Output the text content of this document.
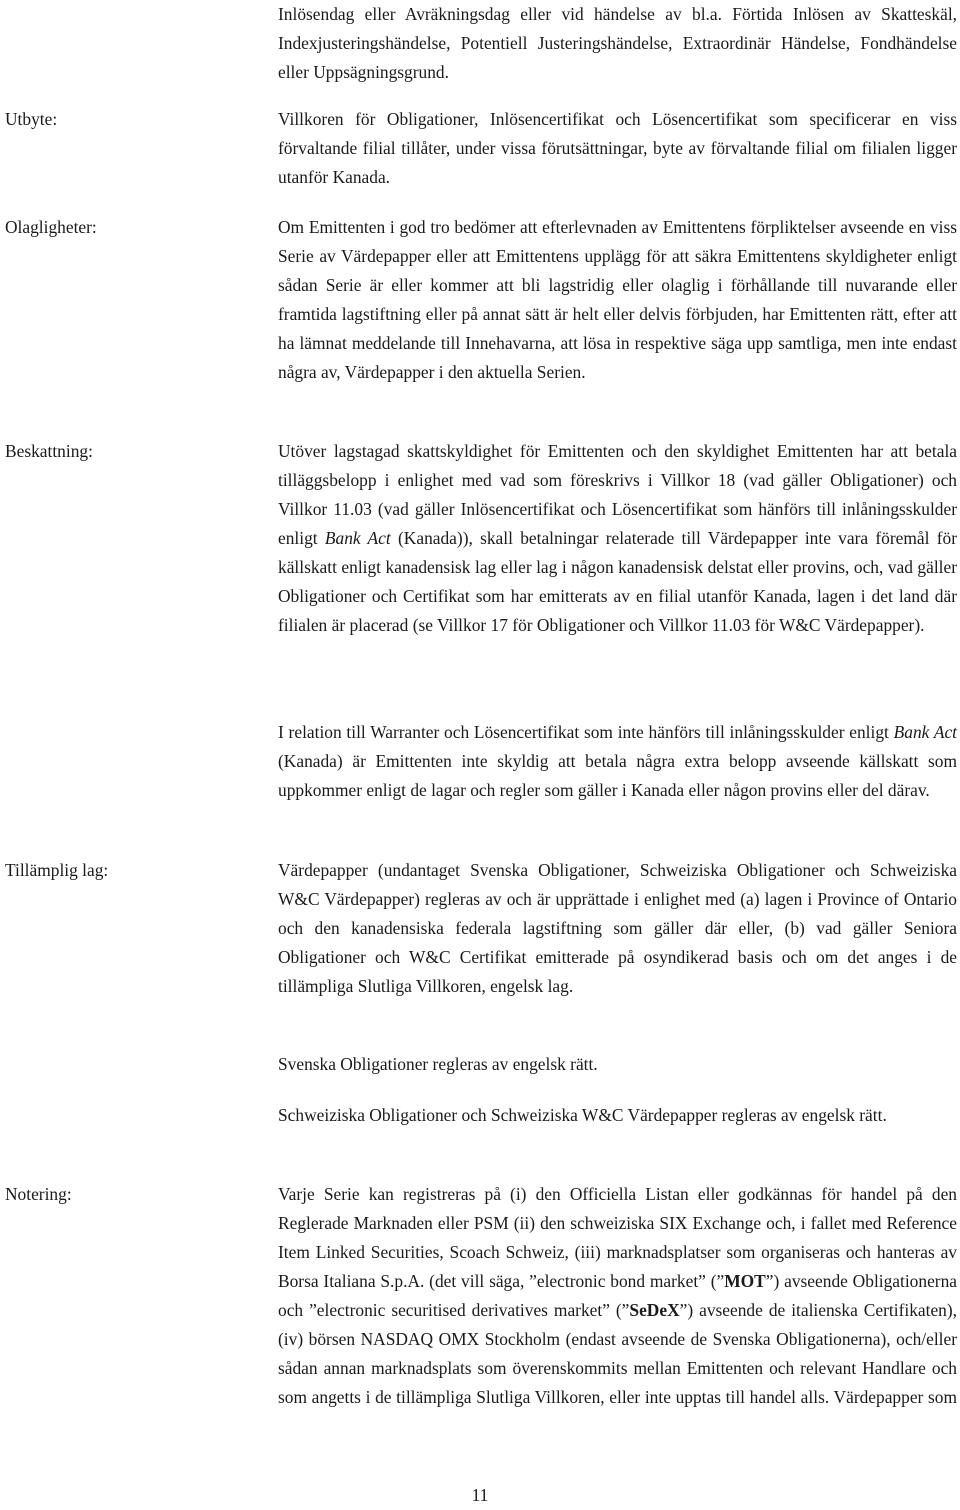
Inlösendag eller Avräkningsdag eller vid händelse av bl.a. Förtida Inlösen av Skatteskäl, Indexjusteringshändelse, Potentiell Justeringshändelse, Extraordinär Händelse, Fondhändelse eller Uppsägningsgrund.

Utbyte:	Villkoren för Obligationer, Inlösencertifikat och Lösencertifikat som specificerar en viss förvaltande filial tillåter, under vissa förutsättningar, byte av förvaltande filial om filialen ligger utanför Kanada.

Olagligheter:	Om Emittenten i god tro bedömer att efterlevnaden av Emittentens förpliktelser avseende en viss Serie av Värdepapper eller att Emittentens upplägg för att säkra Emittentens skyldigheter enligt sådan Serie är eller kommer att bli lagstridig eller olaglig i förhållande till nuvarande eller framtida lagstiftning eller på annat sätt är helt eller delvis förbjuden, har Emittenten rätt, efter att ha lämnat meddelande till Innehavarna, att lösa in respektive säga upp samtliga, men inte endast några av, Värdepapper i den aktuella Serien.

Beskattning:	Utöver lagstagad skattskyldighet för Emittenten och den skyldighet Emittenten har att betala tilläggsbelopp i enlighet med vad som föreskrivs i Villkor 18 (vad gäller Obligationer) och Villkor 11.03 (vad gäller Inlösencertifikat och Lösencertifikat som hänförs till inlåningsskulder enligt Bank Act (Kanada)), skall betalningar relaterade till Värdepapper inte vara föremål för källskatt enligt kanadensisk lag eller lag i någon kanadensisk delstat eller provins, och, vad gäller Obligationer och Certifikat som har emitterats av en filial utanför Kanada, lagen i det land där filialen är placerad (se Villkor 17 för Obligationer och Villkor 11.03 för W&C Värdepapper).

I relation till Warranter och Lösencertifikat som inte hänförs till inlåningsskulder enligt Bank Act (Kanada) är Emittenten inte skyldig att betala några extra belopp avseende källskatt som uppkommer enligt de lagar och regler som gäller i Kanada eller någon provins eller del därav.

Tillämplig lag:	Värdepapper (undantaget Svenska Obligationer, Schweiziska Obligationer och Schweiziska W&C Värdepapper) regleras av och är upprättade i enlighet med (a) lagen i Province of Ontario och den kanadensiska federala lagstiftning som gäller där eller, (b) vad gäller Seniora Obligationer och W&C Certifikat emitterade på osyndikerad basis och om det anges i de tillämpliga Slutliga Villkoren, engelsk lag.

Svenska Obligationer regleras av engelsk rätt.

Schweiziska Obligationer och Schweiziska W&C Värdepapper regleras av engelsk rätt.

Notering:	Varje Serie kan registreras på (i) den Officiella Listan eller godkännas för handel på den Reglerade Marknaden eller PSM (ii) den schweiziska SIX Exchange och, i fallet med Reference Item Linked Securities, Scoach Schweiz, (iii) marknadsplatser som organiseras och hanteras av Borsa Italiana S.p.A. (det vill säga, ”electronic bond market” (”MOT”) avseende Obligationerna och ”electronic securitised derivatives market” (”SeDeX”) avseende de italienska Certifikaten), (iv) börsen NASDAQ OMX Stockholm (endast avseende de Svenska Obligationerna), och/eller sådan annan marknadsplats som överenskommits mellan Emittenten och relevant Handlare och som angetts i de tillämpliga Slutliga Villkoren, eller inte upptas till handel alls. Värdepapper som

11
